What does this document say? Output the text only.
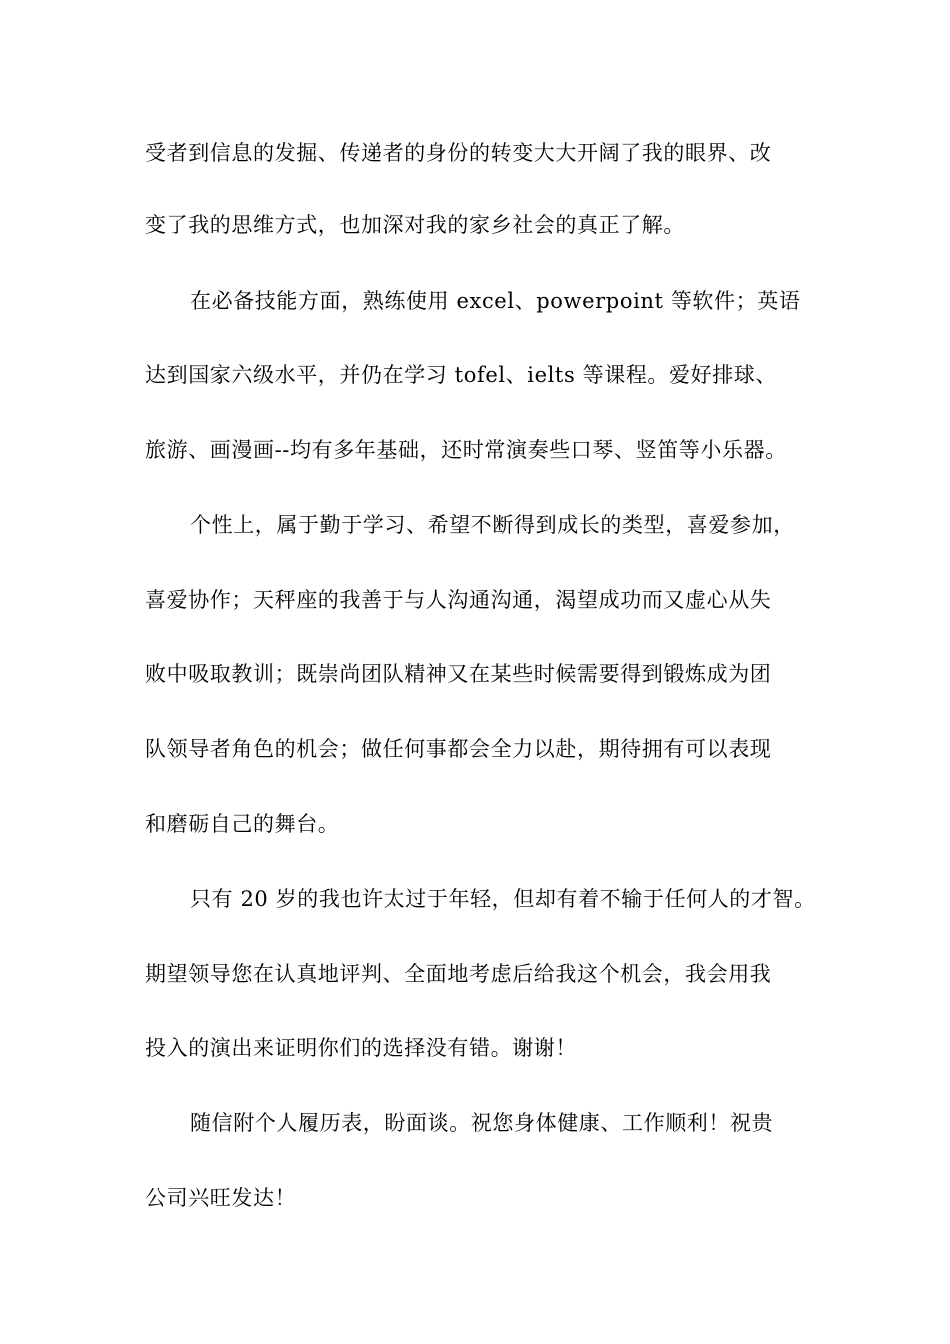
受者到信息的发掘、传递者的身份的转变大大开阔了我的眼界、改

变了我的思维方式，也加深对我的家乡社会的真正了解。

在必备技能方面，熟练使用 excel、powerpoint 等软件；英语

达到国家六级水平，并仍在学习 tofel、ielts 等课程。爱好排球、

旅游、画漫画--均有多年基础，还时常演奏些口琴、竖笛等小乐器。

个性上，属于勤于学习、希望不断得到成长的类型，喜爱参加，

喜爱协作；天秤座的我善于与人沟通沟通，渴望成功而又虚心从失

败中吸取教训；既崇尚团队精神又在某些时候需要得到锻炼成为团

队领导者角色的机会；做任何事都会全力以赴，期待拥有可以表现

和磨砺自己的舞台。

只有 20 岁的我也许太过于年轻，但却有着不输于任何人的才智。

期望领导您在认真地评判、全面地考虑后给我这个机会，我会用我

投入的演出来证明你们的选择没有错。谢谢！

随信附个人履历表，盼面谈。祝您身体健康、工作顺利！祝贵

公司兴旺发达！
